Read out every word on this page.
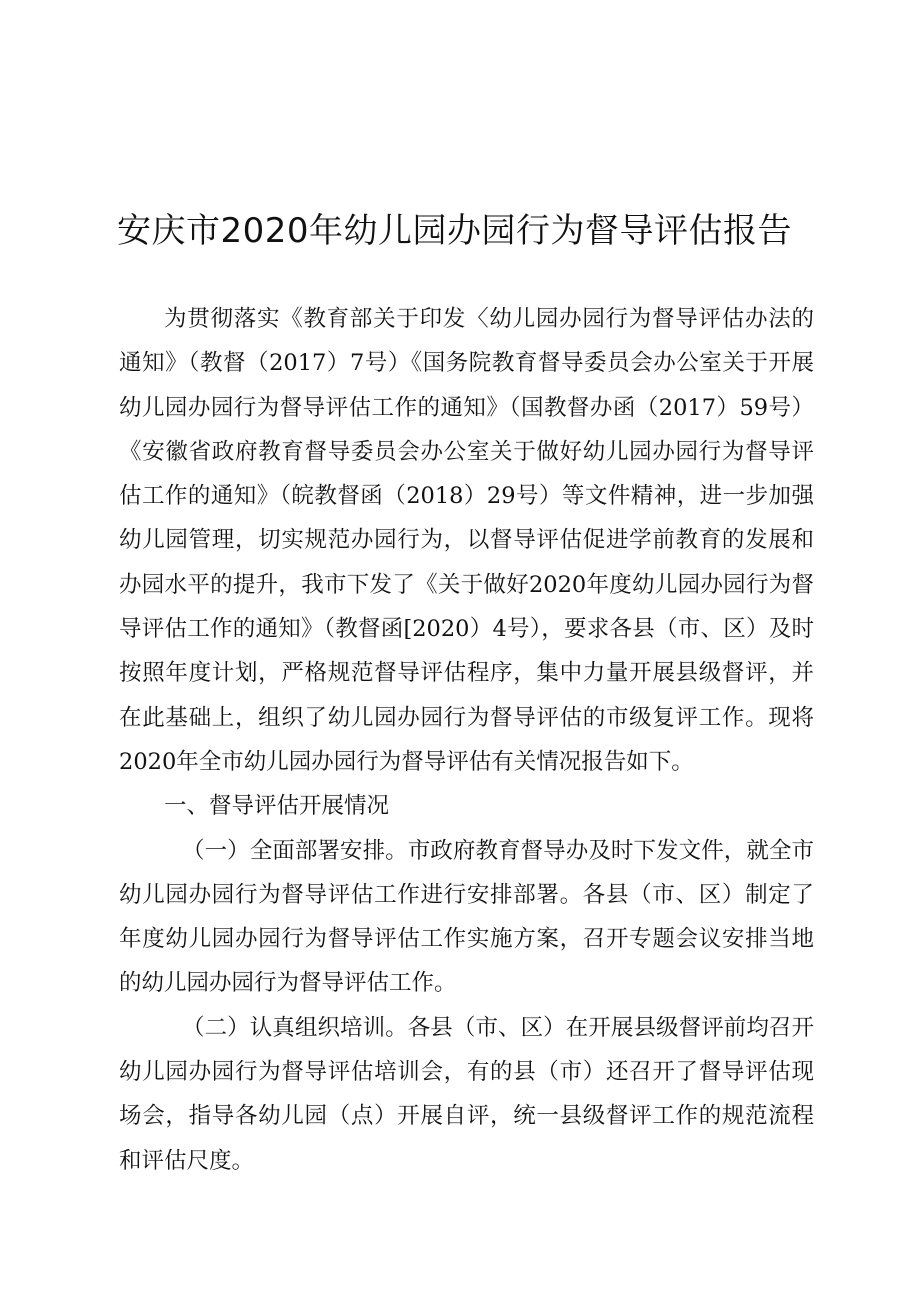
安庆市2020年幼儿园办园行为督导评估报告

为贯彻落实《教育部关于印发〈幼儿园办园行为督导评估办法的通知》（教督（2017）7号）《国务院教育督导委员会办公室关于开展幼儿园办园行为督导评估工作的通知》（国教督办函（2017）59号）《安徽省政府教育督导委员会办公室关于做好幼儿园办园行为督导评估工作的通知》（皖教督函（2018）29号）等文件精神，进一步加强幼儿园管理，切实规范办园行为，以督导评估促进学前教育的发展和办园水平的提升，我市下发了《关于做好2020年度幼儿园办园行为督导评估工作的通知》（教督函[2020）4号），要求各县（市、区）及时按照年度计划，严格规范督导评估程序，集中力量开展县级督评，并在此基础上，组织了幼儿园办园行为督导评估的市级复评工作。现将2020年全市幼儿园办园行为督导评估有关情况报告如下。

一、督导评估开展情况

（一）全面部署安排。市政府教育督导办及时下发文件，就全市幼儿园办园行为督导评估工作进行安排部署。各县（市、区）制定了年度幼儿园办园行为督导评估工作实施方案，召开专题会议安排当地的幼儿园办园行为督导评估工作。

（二）认真组织培训。各县（市、区）在开展县级督评前均召开幼儿园办园行为督导评估培训会，有的县（市）还召开了督导评估现场会，指导各幼儿园（点）开展自评，统一县级督评工作的规范流程和评估尺度。
